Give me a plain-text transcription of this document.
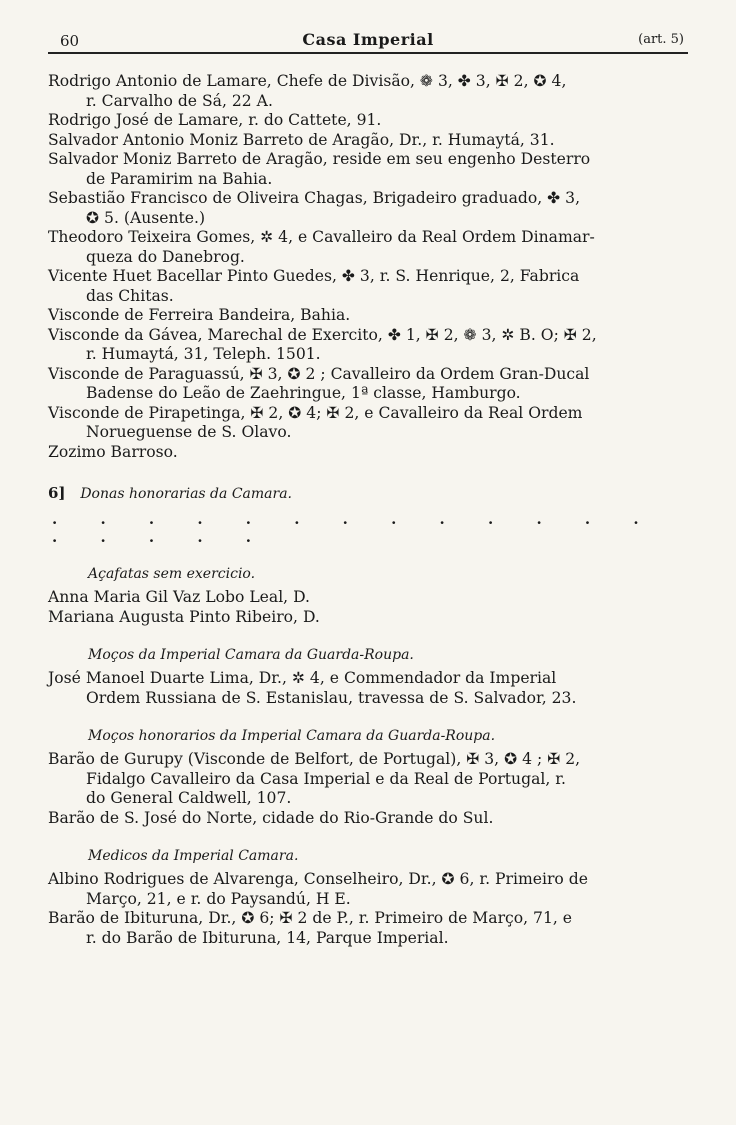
60	Casa Imperial	(art. 5)
Rodrigo Antonio de Lamare, Chefe de Divisão, ❁ 3, ✤ 3, ✠ 2, ✪ 4,
r. Carvalho de Sá, 22 A.
Rodrigo José de Lamare, r. do Cattete, 91.
Salvador Antonio Moniz Barreto de Aragão, Dr., r. Humaytá, 31.
Salvador Moniz Barreto de Aragão, reside em seu engenho Desterro
de Paramirim na Bahia.
Sebastião Francisco de Oliveira Chagas, Brigadeiro graduado, ✤ 3,
✪ 5. (Ausente.)
Theodoro Teixeira Gomes, ✲ 4, e Cavalleiro da Real Ordem Dinamar-
queza do Danebrog.
Vicente Huet Bacellar Pinto Guedes, ✤ 3, r. S. Henrique, 2, Fabrica
das Chitas.
Visconde de Ferreira Bandeira, Bahia.
Visconde da Gávea, Marechal de Exercito, ✤ 1, ✠ 2, ❁ 3, ✲ B. O; ✠ 2,
r. Humaytá, 31, Teleph. 1501.
Visconde de Paraguassú, ✠ 3, ✪ 2 ; Cavalleiro da Ordem Gran-Ducal
Badense do Leão de Zaehringue, 1ª classe, Hamburgo.
Visconde de Pirapetinga, ✠ 2, ✪ 4; ✠ 2, e Cavalleiro da Real Ordem
Norueguense de S. Olavo.
Zozimo Barroso.
6] Donas honorarias da Camara.
. . . . . . . . . . . . . . . . . .
Açafatas sem exercicio.
Anna Maria Gil Vaz Lobo Leal, D.
Mariana Augusta Pinto Ribeiro, D.
Moços da Imperial Camara da Guarda-Roupa.
José Manoel Duarte Lima, Dr., ✲ 4, e Commendador da Imperial
Ordem Russiana de S. Estanislau, travessa de S. Salvador, 23.
Moços honorarios da Imperial Camara da Guarda-Roupa.
Barão de Gurupy (Visconde de Belfort, de Portugal), ✠ 3, ✪ 4 ; ✠ 2,
Fidalgo Cavalleiro da Casa Imperial e da Real de Portugal, r.
do General Caldwell, 107.
Barão de S. José do Norte, cidade do Rio-Grande do Sul.
Medicos da Imperial Camara.
Albino Rodrigues de Alvarenga, Conselheiro, Dr., ✪ 6, r. Primeiro de
Março, 21, e r. do Paysandú, H E.
Barão de Ibituruna, Dr., ✪ 6; ✠ 2 de P., r. Primeiro de Março, 71, e
r. do Barão de Ibituruna, 14, Parque Imperial.
